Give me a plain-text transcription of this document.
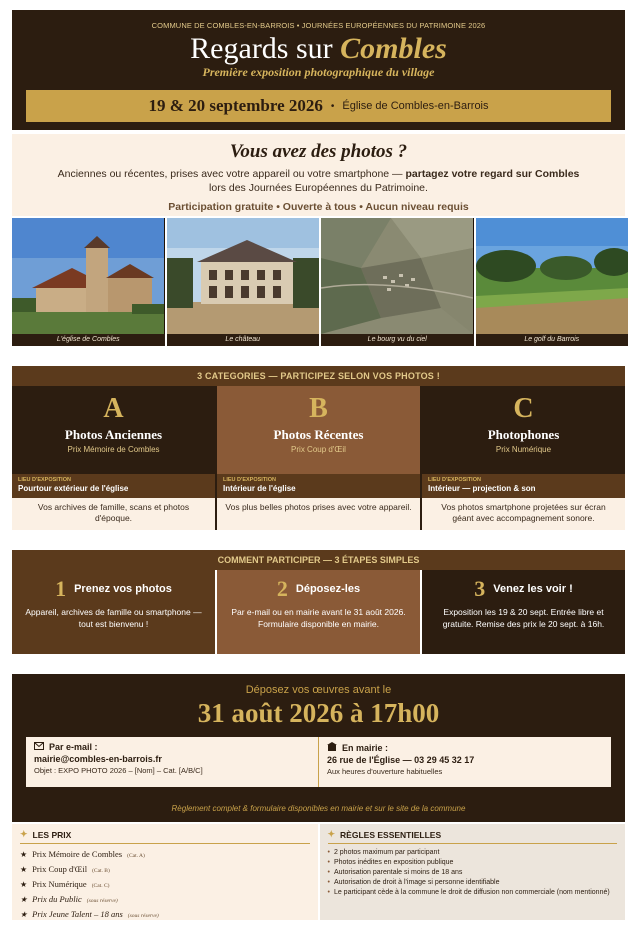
COMMUNE DE COMBLES-EN-BARROIS • JOURNÉES EUROPÉENNES DU PATRIMOINE 2026
Regards sur Combles
Première exposition photographique du village
19 & 20 septembre 2026 • Église de Combles-en-Barrois
Vous avez des photos ?
Anciennes ou récentes, prises avec votre appareil ou votre smartphone — partagez votre regard sur Combles
lors des Journées Européennes du Patrimoine.
Participation gratuite • Ouverte à tous • Aucun niveau requis
L'église de Combles	Le château	Le bourg vu du ciel	Le golf du Barrois
3 CATEGORIES — PARTICIPEZ SELON VOS PHOTOS !
A
Photos Anciennes
Prix Mémoire de Combles
LIEU D'EXPOSITION
Pourtour extérieur de l'église
Vos archives de famille, scans et photos d'époque.
B
Photos Récentes
Prix Coup d'Œil
LIEU D'EXPOSITION
Intérieur de l'église
Vos plus belles photos prises avec votre appareil.
C
Photophones
Prix Numérique
LIEU D'EXPOSITION
Intérieur — projection & son
Vos photos smartphone projetées sur écran géant avec accompagnement sonore.
COMMENT PARTICIPER — 3 ÉTAPES SIMPLES
1 Prenez vos photos
Appareil, archives de famille ou smartphone — tout est bienvenu !
2 Déposez-les
Par e-mail ou en mairie avant le 31 août 2026. Formulaire disponible en mairie.
3 Venez les voir !
Exposition les 19 & 20 sept. Entrée libre et gratuite. Remise des prix le 20 sept. à 16h.
Déposez vos œuvres avant le
31 août 2026 à 17h00
Par e-mail :
mairie@combles-en-barrois.fr
Objet : EXPO PHOTO 2026 – [Nom] – Cat. [A/B/C]
En mairie :
26 rue de l'Église — 03 29 45 32 17
Aux heures d'ouverture habituelles
Règlement complet & formulaire disponibles en mairie et sur le site de la commune
✦ LES PRIX
★ Prix Mémoire de Combles (Cat. A)
★ Prix Coup d'Œil (Cat. B)
★ Prix Numérique (Cat. C)
★ Prix du Public (sous réserve)
★ Prix Jeune Talent – 18 ans (sous réserve)
✦ RÈGLES ESSENTIELLES
• 2 photos maximum par participant
• Photos inédites en exposition publique
• Autorisation parentale si moins de 18 ans
• Autorisation de droit à l'image si personne identifiable
• Le participant cède à la commune le droit de diffusion non commerciale (nom mentionné)
